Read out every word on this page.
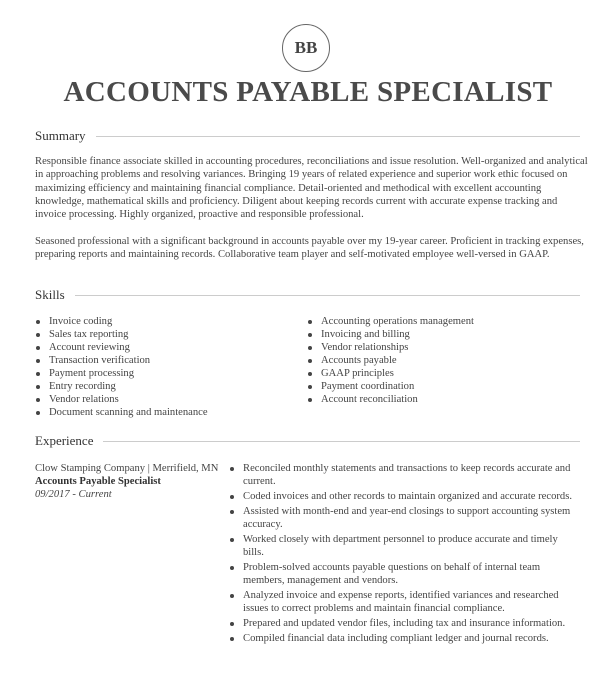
BB
ACCOUNTS PAYABLE SPECIALIST
Summary

Responsible finance associate skilled in accounting procedures, reconciliations and issue resolution. Well-organized and analytical in approaching problems and resolving variances. Bringing 19 years of related experience and superior work ethic focused on maximizing efficiency and maintaining financial compliance. Detail-oriented and methodical with excellent accounting knowledge, mathematical skills and proficiency. Diligent about keeping records current with accurate expense tracking and invoice processing. Highly organized, proactive and responsible professional.

Seasoned professional with a significant background in accounts payable over my 19-year career. Proficient in tracking expenses, preparing reports and maintaining records. Collaborative team player and self-motivated employee well-versed in GAAP.

Skills
Invoice coding
Sales tax reporting
Account reviewing
Transaction verification
Payment processing
Entry recording
Vendor relations
Document scanning and maintenance
Accounting operations management
Invoicing and billing
Vendor relationships
Accounts payable
GAAP principles
Payment coordination
Account reconciliation
Experience
Clow Stamping Company | Merrifield, MN
Accounts Payable Specialist
09/2017 - Current
Reconciled monthly statements and transactions to keep records accurate and current.
Coded invoices and other records to maintain organized and accurate records.
Assisted with month-end and year-end closings to support accounting system accuracy.
Worked closely with department personnel to produce accurate and timely bills.
Problem-solved accounts payable questions on behalf of internal team members, management and vendors.
Analyzed invoice and expense reports, identified variances and researched issues to correct problems and maintain financial compliance.
Prepared and updated vendor files, including tax and insurance information.
Compiled financial data including compliant ledger and journal records.
